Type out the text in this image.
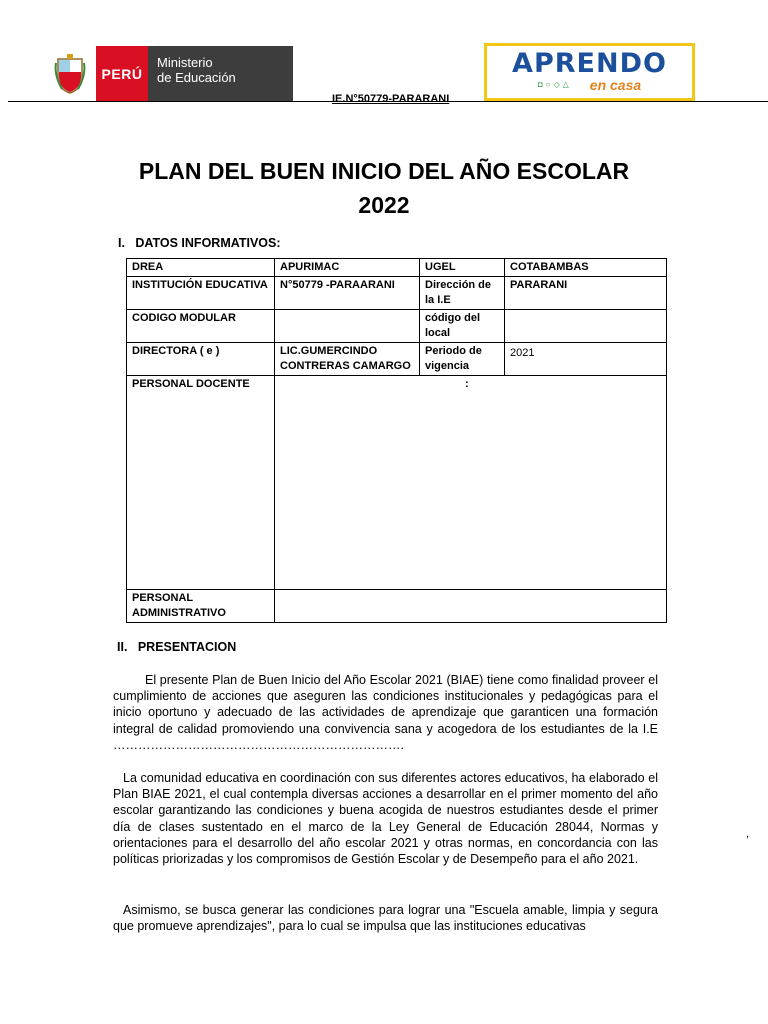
PERÚ
Ministerio
de Educación	APRENDO
◘○◇△ en casa
IE.N°50779-PARARANI
PLAN DEL BUEN INICIO DEL AÑO ESCOLAR
2022
I.   DATOS INFORMATIVOS:
DREA	APURIMAC	UGEL	COTABAMBAS
INSTITUCIÓN EDUCATIVA	N°50779 -PARAARANI	Dirección de la I.E	PARARANI
CODIGO MODULAR		código del local	
DIRECTORA ( e )	LIC.GUMERCINDO CONTRERAS CAMARGO	Periodo de vigencia	2021
PERSONAL DOCENTE	:		
PERSONAL ADMINISTRATIVO			
II.   PRESENTACION
El presente Plan de Buen Inicio del Año Escolar 2021 (BIAE) tiene como finalidad proveer el cumplimiento de acciones que aseguren las condiciones institucionales y pedagógicas para el inicio oportuno y adecuado de las actividades de aprendizaje que garanticen una formación integral de calidad promoviendo una convivencia sana y acogedora de los estudiantes de la I.E …………………………………………………………….
La comunidad educativa en coordinación con sus diferentes actores educativos, ha elaborado el Plan BIAE 2021, el cual contempla diversas acciones a desarrollar en el primer momento del año escolar garantizando las condiciones y buena acogida de nuestros estudiantes desde el primer día de clases sustentado en el marco de la Ley General de Educación 28044, Normas y orientaciones para el desarrollo del año escolar 2021 y otras normas, en concordancia con las políticas priorizadas y los compromisos de Gestión Escolar y de Desempeño para el año 2021.
Asimismo, se busca generar las condiciones para lograr una "Escuela amable, limpia y segura que promueve aprendizajes", para lo cual se impulsa que las instituciones educativas
,
